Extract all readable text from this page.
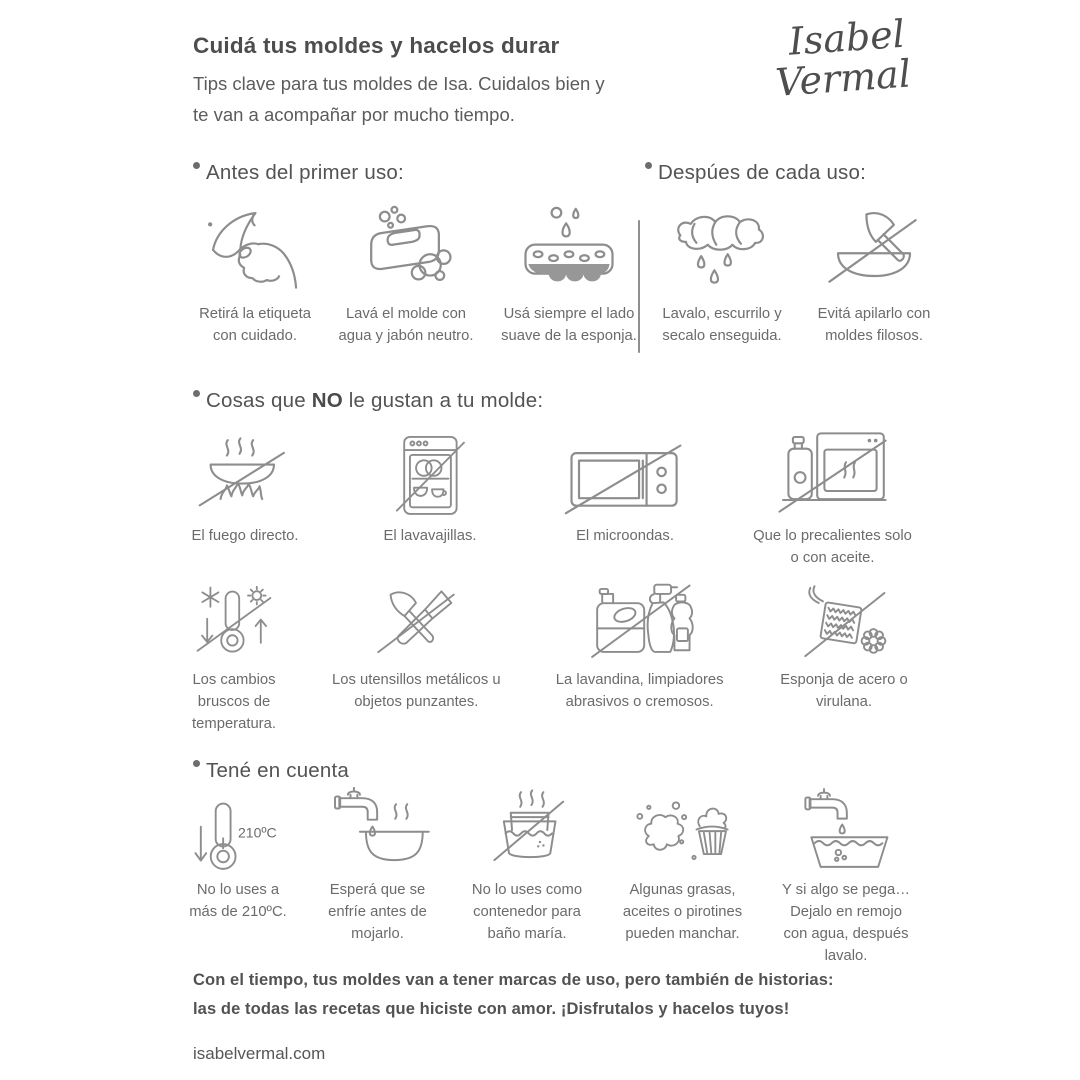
Cuidá tus moldes y hacelos durar
Tips clave para tus moldes de Isa. Cuidalos bien y
te van a acompañar por mucho tiempo.
Isabel
Vermal
Antes del primer uso:	Despúes de cada uso:
Retirá la etiqueta
con cuidado.
Lavá el molde con
agua y jabón neutro.
Usá siempre el lado
suave de la esponja.
Lavalo, escurrilo y
secalo enseguida.
Evitá apilarlo con
moldes filosos.
Cosas que NO le gustan a tu molde:
El fuego directo.	El lavavajillas.	El microondas.	Que lo precalientes solo
o con aceite.
Los cambios
bruscos de
temperatura.
Los utensillos metálicos u
objetos punzantes.
La lavandina, limpiadores
abrasivos o cremosos.
Esponja de acero o
virulana.
Tené en cuenta
210ºC
No lo uses a
más de 210ºC.
Esperá que se
enfríe antes de
mojarlo.
No lo uses como
contenedor para
baño maría.
Algunas grasas,
aceites o pirotines
pueden manchar.
Y si algo se pega…
Dejalo en remojo
con agua, después
lavalo.
Con el tiempo, tus moldes van a tener marcas de uso, pero también de historias:
las de todas las recetas que hiciste con amor. ¡Disfrutalos y hacelos tuyos!
isabelvermal.com
